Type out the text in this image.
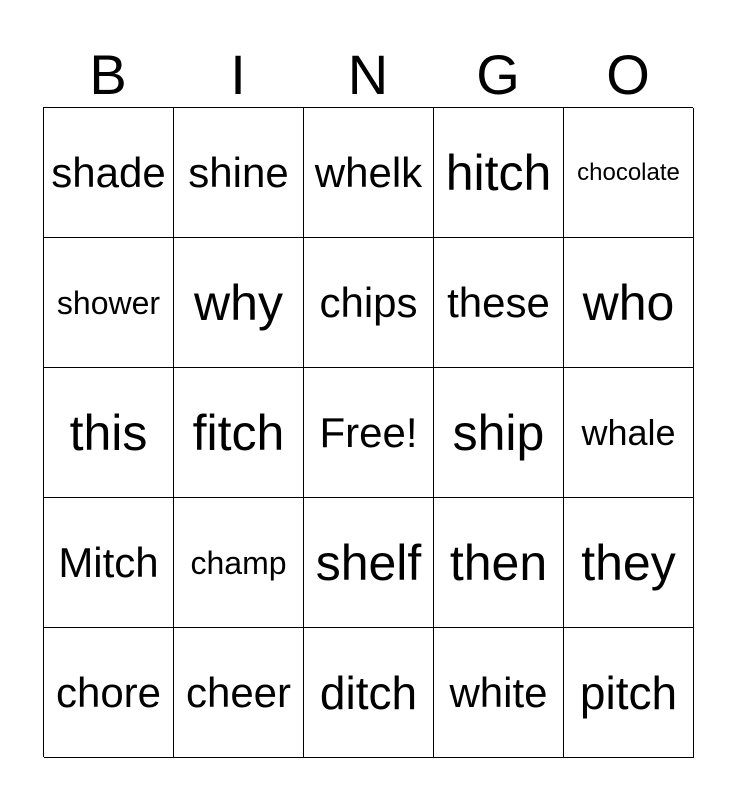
B	I	N	G	O
shade shine whelk hitch	chocolate
shower why chips these who
this fitch Free! ship	whale
Mitch champ shelf then they
chore cheer ditch white pitch
